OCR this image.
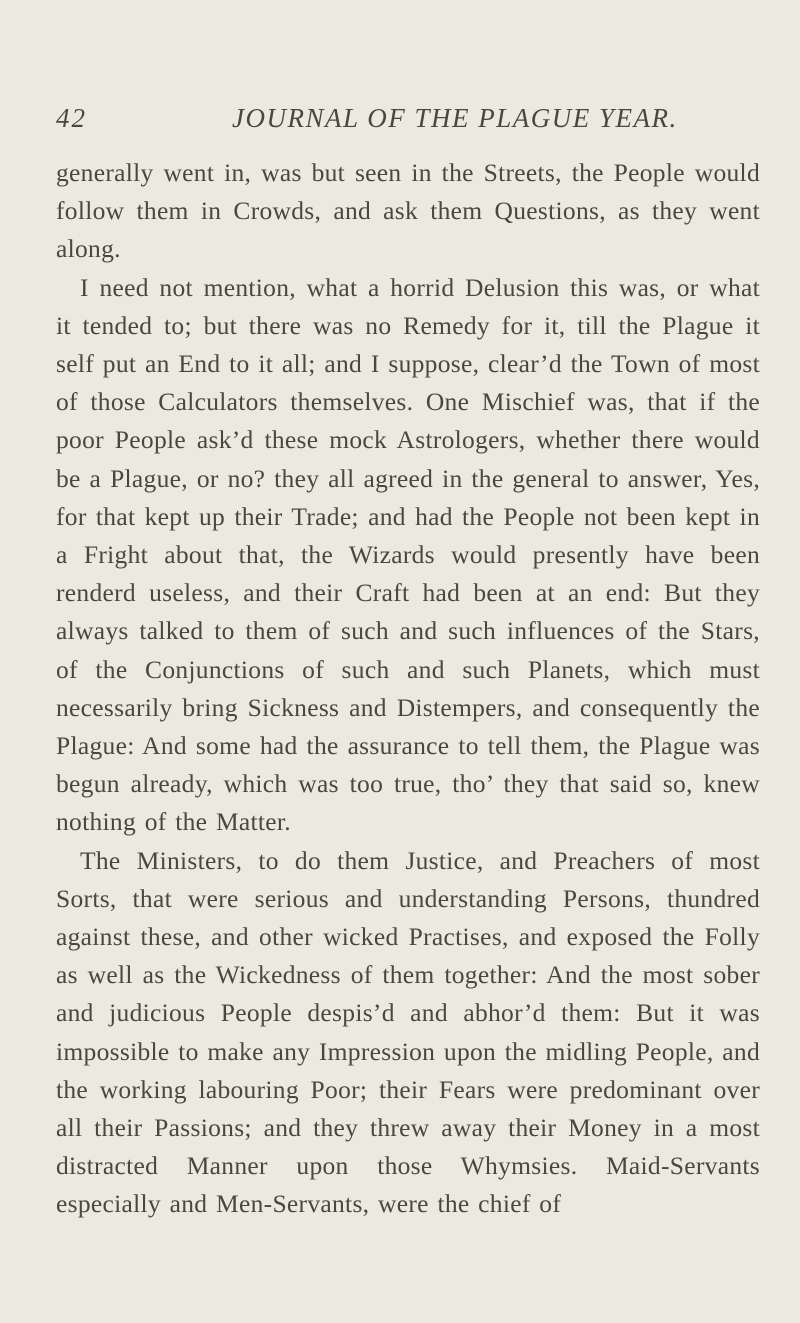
42	JOURNAL OF THE PLAGUE YEAR.

generally went in, was but seen in the Streets, the People would follow them in Crowds, and ask them Questions, as they went along.

I need not mention, what a horrid Delusion this was, or what it tended to; but there was no Remedy for it, till the Plague it self put an End to it all; and I suppose, clear’d the Town of most of those Calculators themselves. One Mischief was, that if the poor People ask’d these mock Astrologers, whether there would be a Plague, or no? they all agreed in the general to answer, Yes, for that kept up their Trade; and had the People not been kept in a Fright about that, the Wizards would presently have been renderd useless, and their Craft had been at an end: But they always talked to them of such and such influences of the Stars, of the Conjunctions of such and such Planets, which must necessarily bring Sickness and Distempers, and consequently the Plague: And some had the assurance to tell them, the Plague was begun already, which was too true, tho’ they that said so, knew nothing of the Matter.

The Ministers, to do them Justice, and Preachers of most Sorts, that were serious and understanding Persons, thundred against these, and other wicked Practises, and exposed the Folly as well as the Wickedness of them together: And the most sober and judicious People despis’d and abhor’d them: But it was impossible to make any Impression upon the midling People, and the working labouring Poor; their Fears were predominant over all their Passions; and they threw away their Money in a most distracted Manner upon those Whymsies. Maid-Servants especially and Men-Servants, were the chief of
